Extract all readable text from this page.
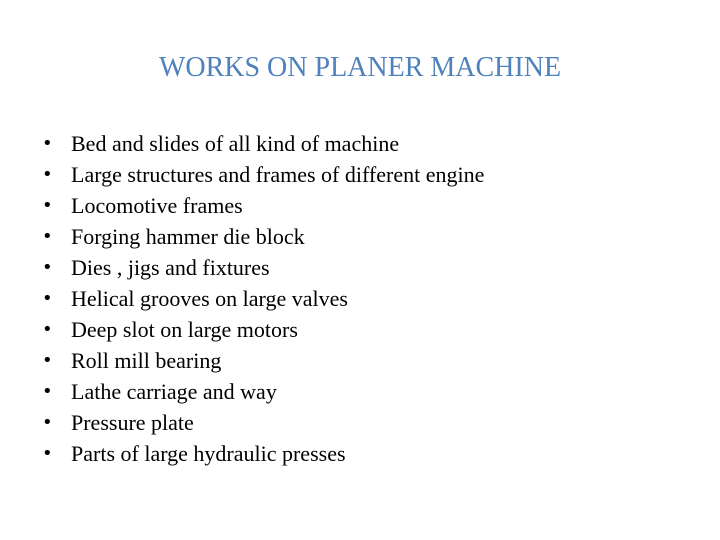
WORKS ON PLANER MACHINE
• Bed and slides of all kind of machine
• Large structures and frames of different engine
• Locomotive frames
• Forging hammer die block
• Dies , jigs and fixtures
• Helical grooves on large valves
• Deep slot on large motors
• Roll mill bearing
• Lathe carriage and way
• Pressure plate
• Parts of large hydraulic presses
